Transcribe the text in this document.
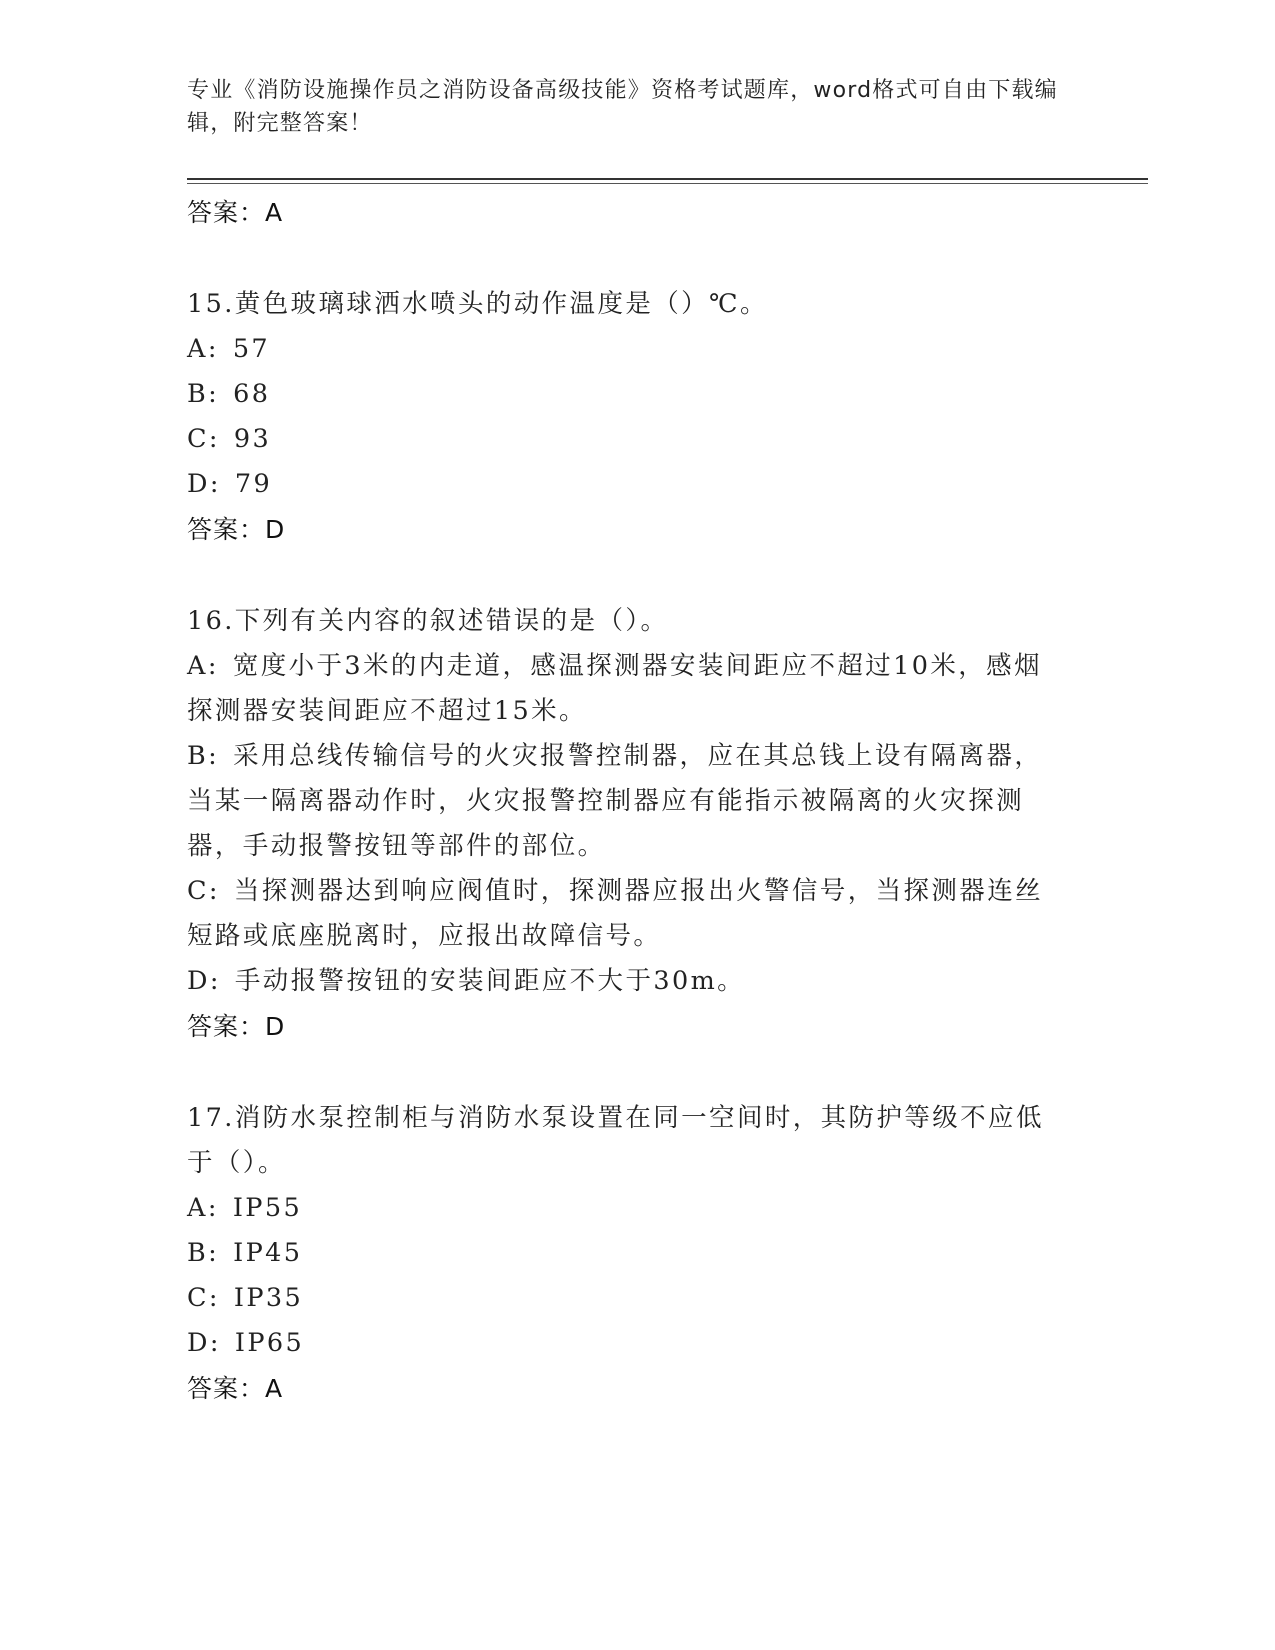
专业《消防设施操作员之消防设备高级技能》资格考试题库，word格式可自由下载编辑，附完整答案！
答案：A
15.黄色玻璃球洒水喷头的动作温度是（）℃。
A: 57
B: 68
C: 93
D: 79
答案：D
16.下列有关内容的叙述错误的是（）。
A: 宽度小于3米的内走道，感温探测器安装间距应不超过10米，感烟探测器安装间距应不超过15米。
B: 采用总线传输信号的火灾报警控制器，应在其总钱上设有隔离器，当某一隔离器动作时，火灾报警控制器应有能指示被隔离的火灾探测器，手动报警按钮等部件的部位。
C: 当探测器达到响应阀值时，探测器应报出火警信号，当探测器连丝短路或底座脱离时，应报出故障信号。
D: 手动报警按钮的安装间距应不大于30m。
答案：D
17.消防水泵控制柜与消防水泵设置在同一空间时，其防护等级不应低于（）。
A: IP55
B: IP45
C: IP35
D: IP65
答案：A
